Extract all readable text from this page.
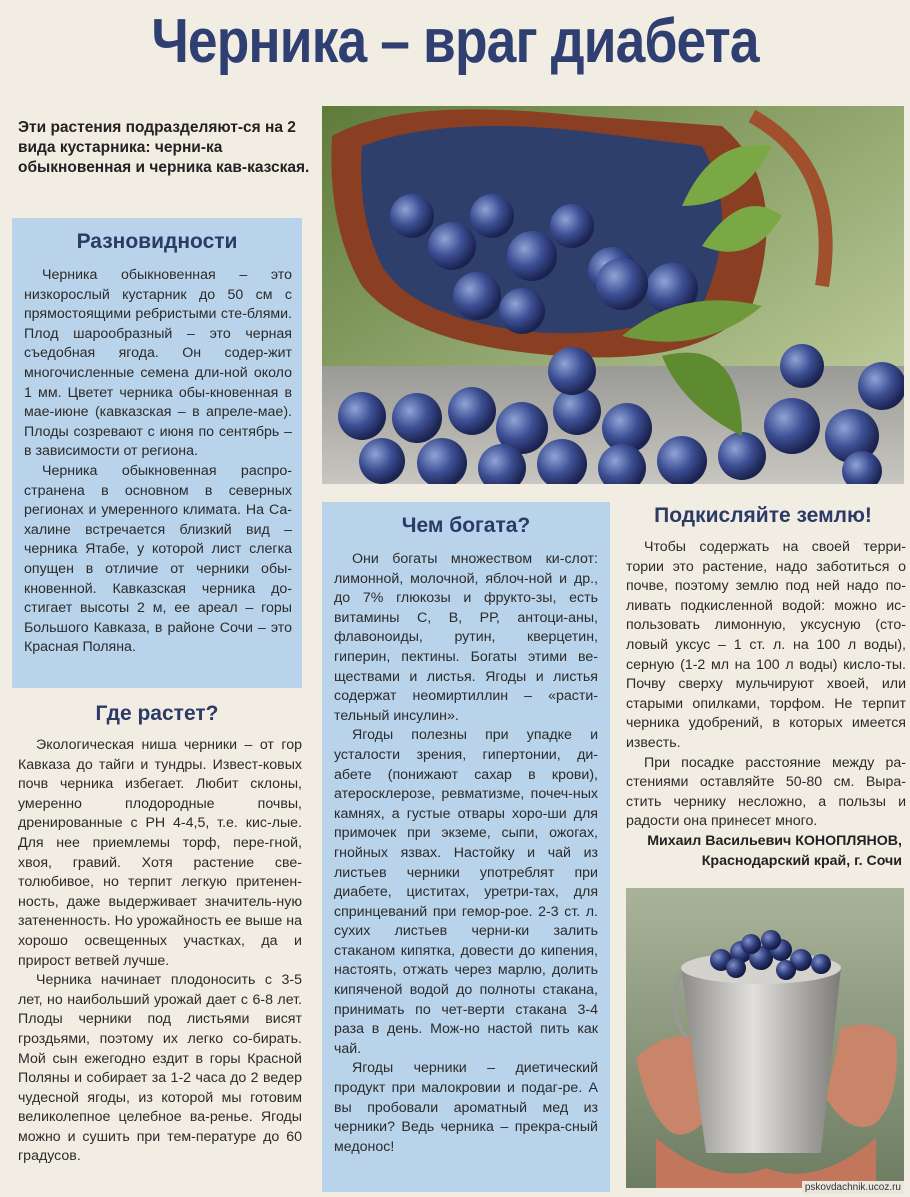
Черника – враг диабета
Эти растения подразделяют-ся на 2 вида кустарника: черни-ка обыкновенная и черника кав-казская.
Разновидности

Черника обыкновенная – это низкорослый кустарник до 50 см с прямостоящими ребристыми сте-блями. Плод шарообразный – это черная съедобная ягода. Он содер-жит многочисленные семена дли-ной около 1 мм. Цветет черника обы-кновенная в мае-июне (кавказская – в апреле-мае). Плоды созревают с июня по сентябрь – в зависимости от региона.

Черника обыкновенная распро-странена в основном в северных регионах и умеренного климата. На Са-халине встречается близкий вид – черника Ятабе, у которой лист слегка опущен в отличие от черники обы-кновенной. Кавказская черника до-стигает высоты 2 м, ее ареал – горы Большого Кавказа, в районе Сочи – это Красная Поляна.

Где растет?

Экологическая ниша черники – от гор Кавказа до тайги и тундры. Извест-ковых почв черника избегает. Любит склоны, умеренно плодородные почвы, дренированные с РН 4-4,5, т.е. кис-лые. Для нее приемлемы торф, пере-гной, хвоя, гравий. Хотя растение све-толюбивое, но терпит легкую притенен-ность, даже выдерживает значитель-ную затененность. Но урожайность ее выше на хорошо освещенных участках, да и прирост ветвей лучше.

Черника начинает плодоносить с 3-5 лет, но наибольший урожай дает с 6-8 лет. Плоды черники под листьями висят гроздьями, поэтому их легко со-бирать. Мой сын ежегодно ездит в горы Красной Поляны и собирает за 1-2 часа до 2 ведер чудесной ягоды, из которой мы готовим великолепное целебное ва-ренье. Ягоды можно и сушить при тем-пературе до 60 градусов.

Чем богата?

Они богаты множеством ки-слот: лимонной, молочной, яблоч-ной и др., до 7% глюкозы и фрукто-зы, есть витамины С, В, РР, антоци-аны, флавоноиды, рутин, кверцетин, гиперин, пектины. Богаты этими ве-ществами и листья. Ягоды и листья содержат неомиртиллин – «расти-тельный инсулин».

Ягоды полезны при упадке и усталости зрения, гипертонии, ди-абете (понижают сахар в крови), атеросклерозе, ревматизме, почеч-ных камнях, а густые отвары хоро-ши для примочек при экземе, сыпи, ожогах, гнойных язвах. Настойку и чай из листьев черники употреблят при диабете, циститах, уретри-тах, для спринцеваний при гемор-рое. 2-3 ст. л. сухих листьев черни-ки залить стаканом кипятка, довести до кипения, настоять, отжать через марлю, долить кипяченой водой до полноты стакана, принимать по чет-верти стакана 3-4 раза в день. Мож-но настой пить как чай.

Ягоды черники – диетический продукт при малокровии и подаг-ре. А вы пробовали ароматный мед из черники? Ведь черника – прекра-сный медонос!

Подкисляйте землю!

Чтобы содержать на своей терри-тории это растение, надо заботиться о почве, поэтому землю под ней надо по-ливать подкисленной водой: можно ис-пользовать лимонную, уксусную (сто-ловый уксус – 1 ст. л. на 100 л воды), серную (1-2 мл на 100 л воды) кисло-ты. Почву сверху мульчируют хвоей, или старыми опилками, торфом. Не терпит черника удобрений, в которых имеется известь.

При посадке расстояние между ра-стениями оставляйте 50-80 см. Выра-стить чернику несложно, а пользы и радости она принесет много.

Михаил Васильевич КОНОПЛЯНОВ,
Краснодарский край, г. Сочи
pskovdachnik.ucoz.ru
